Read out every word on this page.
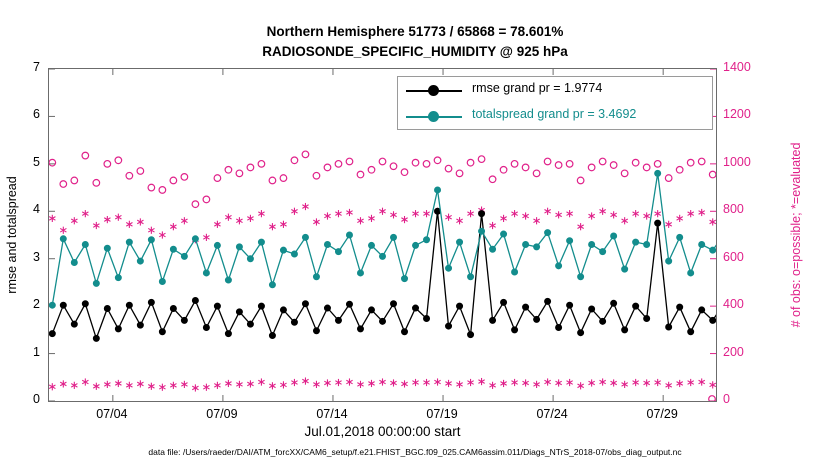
Northern Hemisphere 51773 / 65868 = 78.601%
RADIOSONDE_SPECIFIC_HUMIDITY @ 925 hPa
rmse and totalspread	# of obs: o=possible; *=evaluated
0
1
2
3
4
5
6
7
0
200
400
600
800
1000
1200
1400
07/04	07/09	07/14	07/19	07/24	07/29
Jul.01,2018 00:00:00 start
rmse grand pr = 1.9774
totalspread grand pr = 3.4692
data file: /Users/raeder/DAI/ATM_forcXX/CAM6_setup/f.e21.FHIST_BGC.f09_025.CAM6assim.011/Diags_NTrS_2018-07/obs_diag_output.nc
